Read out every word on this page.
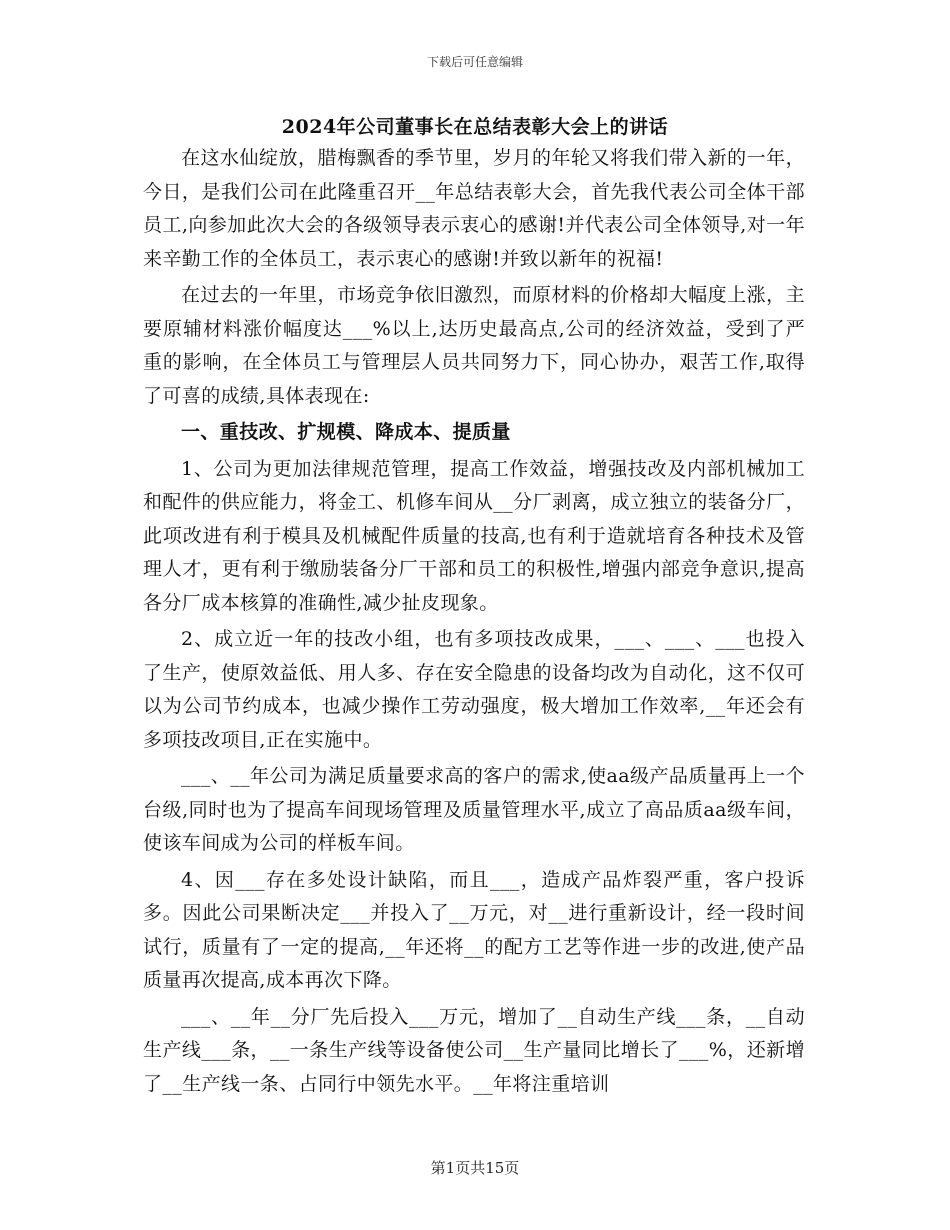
下载后可任意编辑
2024年公司董事长在总结表彰大会上的讲话

在这水仙绽放，腊梅飘香的季节里，岁月的年轮又将我们带入新的一年，今日，是我们公司在此隆重召开__年总结表彰大会，首先我代表公司全体干部员工,向参加此次大会的各级领导表示衷心的感谢!并代表公司全体领导,对一年来辛勤工作的全体员工，表示衷心的感谢!并致以新年的祝福!

在过去的一年里，市场竞争依旧激烈，而原材料的价格却大幅度上涨，主要原辅材料涨价幅度达___%以上,达历史最高点,公司的经济效益，受到了严重的影响，在全体员工与管理层人员共同努力下，同心协办，艰苦工作,取得了可喜的成绩,具体表现在:

一、重技改、扩规模、降成本、提质量

1、公司为更加法律规范管理，提高工作效益，增强技改及内部机械加工和配件的供应能力，将金工、机修车间从__分厂剥离，成立独立的装备分厂，此项改进有利于模具及机械配件质量的技高,也有利于造就培育各种技术及管理人才，更有利于缴励装备分厂干部和员工的积极性,增强内部竞争意识,提高各分厂成本核算的准确性,减少扯皮现象。

2、成立近一年的技改小组，也有多项技改成果，___、___、___也投入了生产，使原效益低、用人多、存在安全隐患的设备均改为自动化，这不仅可以为公司节约成本，也减少操作工劳动强度，极大增加工作效率,__年还会有多项技改项目,正在实施中。

___、__年公司为满足质量要求高的客户的需求,使aa级产品质量再上一个台级,同时也为了提高车间现场管理及质量管理水平,成立了高品质aa级车间，使该车间成为公司的样板车间。

4、因___存在多处设计缺陷，而且___，造成产品炸裂严重，客户投诉多。因此公司果断决定___并投入了__万元，对__进行重新设计，经一段时间试行，质量有了一定的提高,__年还将__的配方工艺等作进一步的改进,使产品质量再次提高,成本再次下降。

___、__年__分厂先后投入___万元，增加了__自动生产线___条，__自动生产线___条，__一条生产线等设备使公司__生产量同比增长了___%，还新增了__生产线一条、占同行中领先水平。__年将注重培训

第1页共15页
